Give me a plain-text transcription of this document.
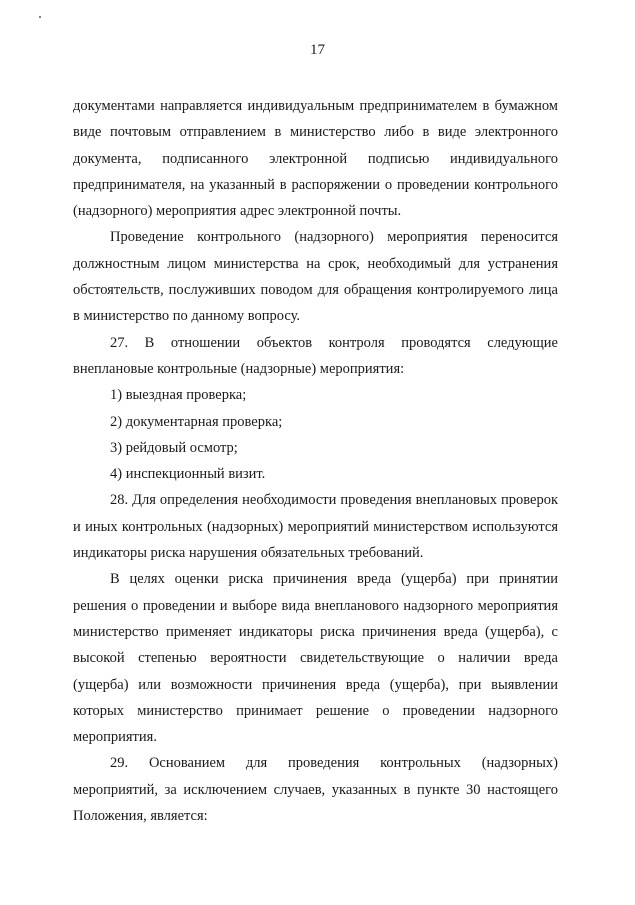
17

документами направляется индивидуальным предпринимателем в бумажном виде почтовым отправлением в министерство либо в виде электронного документа, подписанного электронной подписью индивидуального предпринимателя, на указанный в распоряжении о проведении контрольного (надзорного) мероприятия адрес электронной почты.

Проведение контрольного (надзорного) мероприятия переносится должностным лицом министерства на срок, необходимый для устранения обстоятельств, послуживших поводом для обращения контролируемого лица в министерство по данному вопросу.

27. В отношении объектов контроля проводятся следующие внеплановые контрольные (надзорные) мероприятия:

1) выездная проверка;

2) документарная проверка;

3) рейдовый осмотр;

4) инспекционный визит.

28. Для определения необходимости проведения внеплановых проверок и иных контрольных (надзорных) мероприятий министерством используются индикаторы риска нарушения обязательных требований.

В целях оценки риска причинения вреда (ущерба) при принятии решения о проведении и выборе вида внепланового надзорного мероприятия министерство применяет индикаторы риска причинения вреда (ущерба), с высокой степенью вероятности свидетельствующие о наличии вреда (ущерба) или возможности причинения вреда (ущерба), при выявлении которых министерство принимает решение о проведении надзорного мероприятия.

29. Основанием для проведения контрольных (надзорных) мероприятий, за исключением случаев, указанных в пункте 30 настоящего Положения, является:
